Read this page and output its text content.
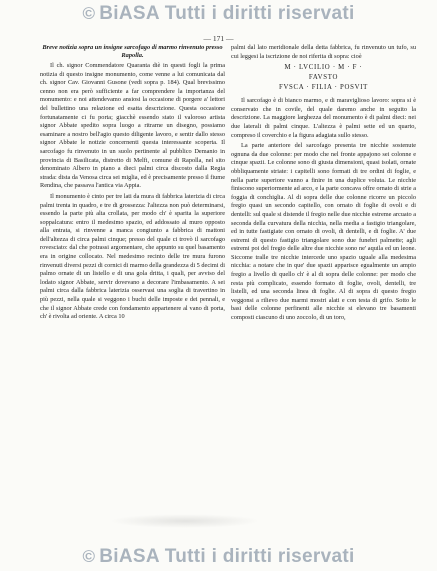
© BiASA Tutti i diritti riservati
— 171 —

Breve notizia sopra un insigne sarcofago di marmo rinvenuto presso Rapolla.

Il ch. signor Commendatore Quaranta diè in questi fogli la prima notizia di questo insigne monumento, come venne a lui comunicata dal ch. signor Cav. Giovanni Gusone (vedi sopra p. 184). Qual brevissimo cenno non era però sufficiente a far comprendere la importanza del monumento: e noi attendevamo ansiosi la occasione di porgere a' lettori del bullettino una relazione ed esatta descrizione. Questa occasione fortunatamente ci fu porta; giacchè essendo stato il valoroso artista signor Abbate spedito sopra luogo a ritrarne un disegno, possiamo esaminare a nostro bell'agio questo diligente lavoro, e sentir dallo stesso signor Abbate le notizie concernenti questa interessante scoperta. Il sarcofago fu rinvenuto in un suolo pertinente al pubblico Demanio in provincia di Basilicata, distretto di Melfi, comune di Rapolla, nel sito denominato Albero in piano a dieci palmi circa discosto dalla Regia strada: dista da Venosa circa sei miglia, ed è precisamente presso il fiume Rendina, che passava l'antica via Appia.

Il monumento è cinto per tre lati da mura di fabbrica laterizia di circa palmi trenta in quadro, e tre di grossezza: l'altezza non può determinarsi, essendo la parte più alta crollata, per modo ch' è sparita la superiore soppalcatura: entro il medesimo spazio, ed addossato al muro opposto alla entrata, si rinvenne a manca congiunto a fabbrica di mattoni dell'altezza di circa palmi cinque; presso del quale ci trovò il sarcofago rovesciato: dal che potrassi argomentare, che appunto su quel basamento era in origine collocato. Nel medesimo recinto delle tre mura furono rinvenuti diversi pezzi di cornici di marmo della grandezza di 5 decimi di palmo ornate di un listello e di una gola dritta, i quali, per avviso del lodato signor Abbate, servir dovevano a decorare l'imbasamento. A sei palmi circa dalla fabbrica laterizia osservasi una soglia di travertino in più pezzi, nella quale si veggono i buchi delle imposte e dei pennali, e che il signor Abbate crede con fondamento appartenere al vano di porta, ch' è rivolta ad oriente. A circa 10

palmi dal lato meridionale della detta fabbrica, fu rinvenuto un tufo, su cui leggesi la iscrizione de noi riferita di sopra: cioè

M · LVCILIO · M · F ·
FAVSTO
FVSCA · FILIA · POSVIT

Il sarcofago è di bianco marmo, e di maraviglioso lavoro: sopra si è conservato che in covile, del quale daremo anche in seguito la descrizione. La maggiore larghezza del monumento è di palmi dieci: nei due laterali di palmi cinque. L'altezza è palmi sette ed un quarto, compreso il coverchio e la figura adagiata sullo stesso.

La parte anteriore del sarcofago presenta tre nicchie sostenute ognuna da due colonne: per modo che nel fronte appajono sei colonne e cinque spazii. Le colonne sono di giusta dimensioni, quasi isolati, ornate obbliquamente striate: i capitelli sono formati di tre ordini di foglie, e nella parte superiore vanno a finire in una duplice voluta. Le nicchie finiscono superiormente ad arco, e la parte concava offre ornato di strie a foggia di conchiglia. Al di sopra delle due colonne ricorre un piccolo fregio quasi un secondo capitello, con ornato di foglie di ovoli e di dentelli: sul quale si distende il fregio nelle due nicchie estreme arcuato a seconda della curvatura della nicchia, nella media a fastigio triangolare, ed in tutte fastigiate con ornato di ovoli, di dentelli, e di foglie. A' due estremi di questo fastigio triangolare sono due funebri palmette; agli estremi poi del fregio delle altre due nicchie sono ne' aquila ed un leone. Siccome tralle tre nicchie intercede uno spazio uguale alla medesima nicchia: a notare che in que' due spazii apparisce egualmente un ampio fregio a livello di quello ch' è al di sopra delle colonne: per modo che resta più complicato, essendo formato di foglie, ovoli, dentelli, tre listelli, ed una seconda linea di foglie. Al di sopra di questo fregio veggonsi a rilievo due marmi mostri alati e con testa di grifo. Sotto le basi delle colonne perfinenti alle nicchie si elevano tre basamenti composti ciascuno di uno zoccolo, di un toro,

© BiASA Tutti i diritti riservati
